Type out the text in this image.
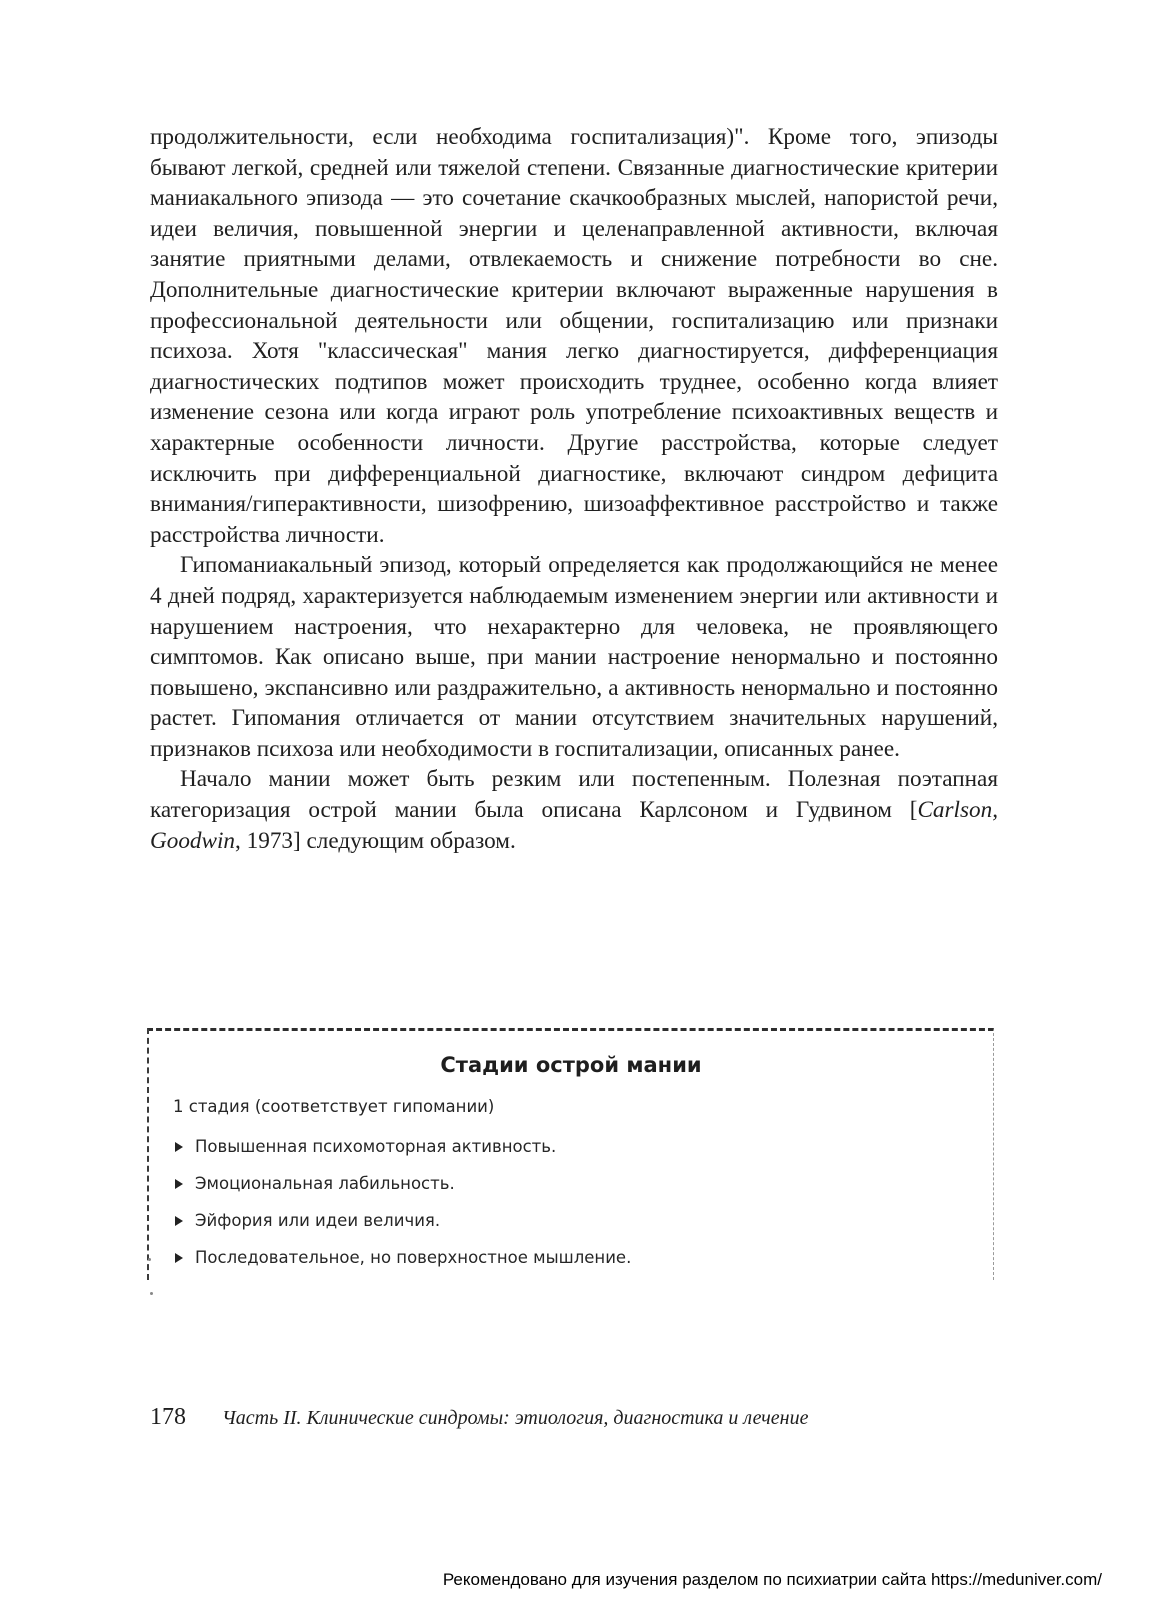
продолжительности, если необходима госпитализация)". Кроме того, эпизоды бывают легкой, средней или тяжелой степени. Связанные диагностические критерии маниакального эпизода — это сочетание скачкообразных мыслей, напористой речи, идеи величия, повышенной энергии и целенаправленной активности, включая занятие приятными делами, отвлекаемость и снижение потребности во сне. Дополнительные диагностические критерии включают выраженные нарушения в профессиональной деятельности или общении, госпитализацию или признаки психоза. Хотя "классическая" мания легко диагностируется, дифференциация диагностических подтипов может происходить труднее, особенно когда влияет изменение сезона или когда играют роль употребление психоактивных веществ и характерные особенности личности. Другие расстройства, которые следует исключить при дифференциальной диагностике, включают синдром дефицита внимания/гиперактивности, шизофрению, шизоаффективное расстройство и также расстройства личности.

Гипоманиакальный эпизод, который определяется как продолжающийся не менее 4 дней подряд, характеризуется наблюдаемым изменением энергии или активности и нарушением настроения, что нехарактерно для человека, не проявляющего симптомов. Как описано выше, при мании настроение ненормально и постоянно повышено, экспансивно или раздражительно, а активность ненормально и постоянно растет. Гипомания отличается от мании отсутствием значительных нарушений, признаков психоза или необходимости в госпитализации, описанных ранее.

Начало мании может быть резким или постепенным. Полезная поэтапная категоризация острой мании была описана Карлсоном и Гудвином [Carlson, Goodwin, 1973] следующим образом.

Стадии острой мании
1 стадия (соответствует гипомании)
Повышенная психомоторная активность.
Эмоциональная лабильность.
Эйфория или идеи величия.
Последовательное, но поверхностное мышление.
178 Часть II. Клинические синдромы: этиология, диагностика и лечение
Рекомендовано для изучения разделом по психиатрии сайта https://meduniver.com/
